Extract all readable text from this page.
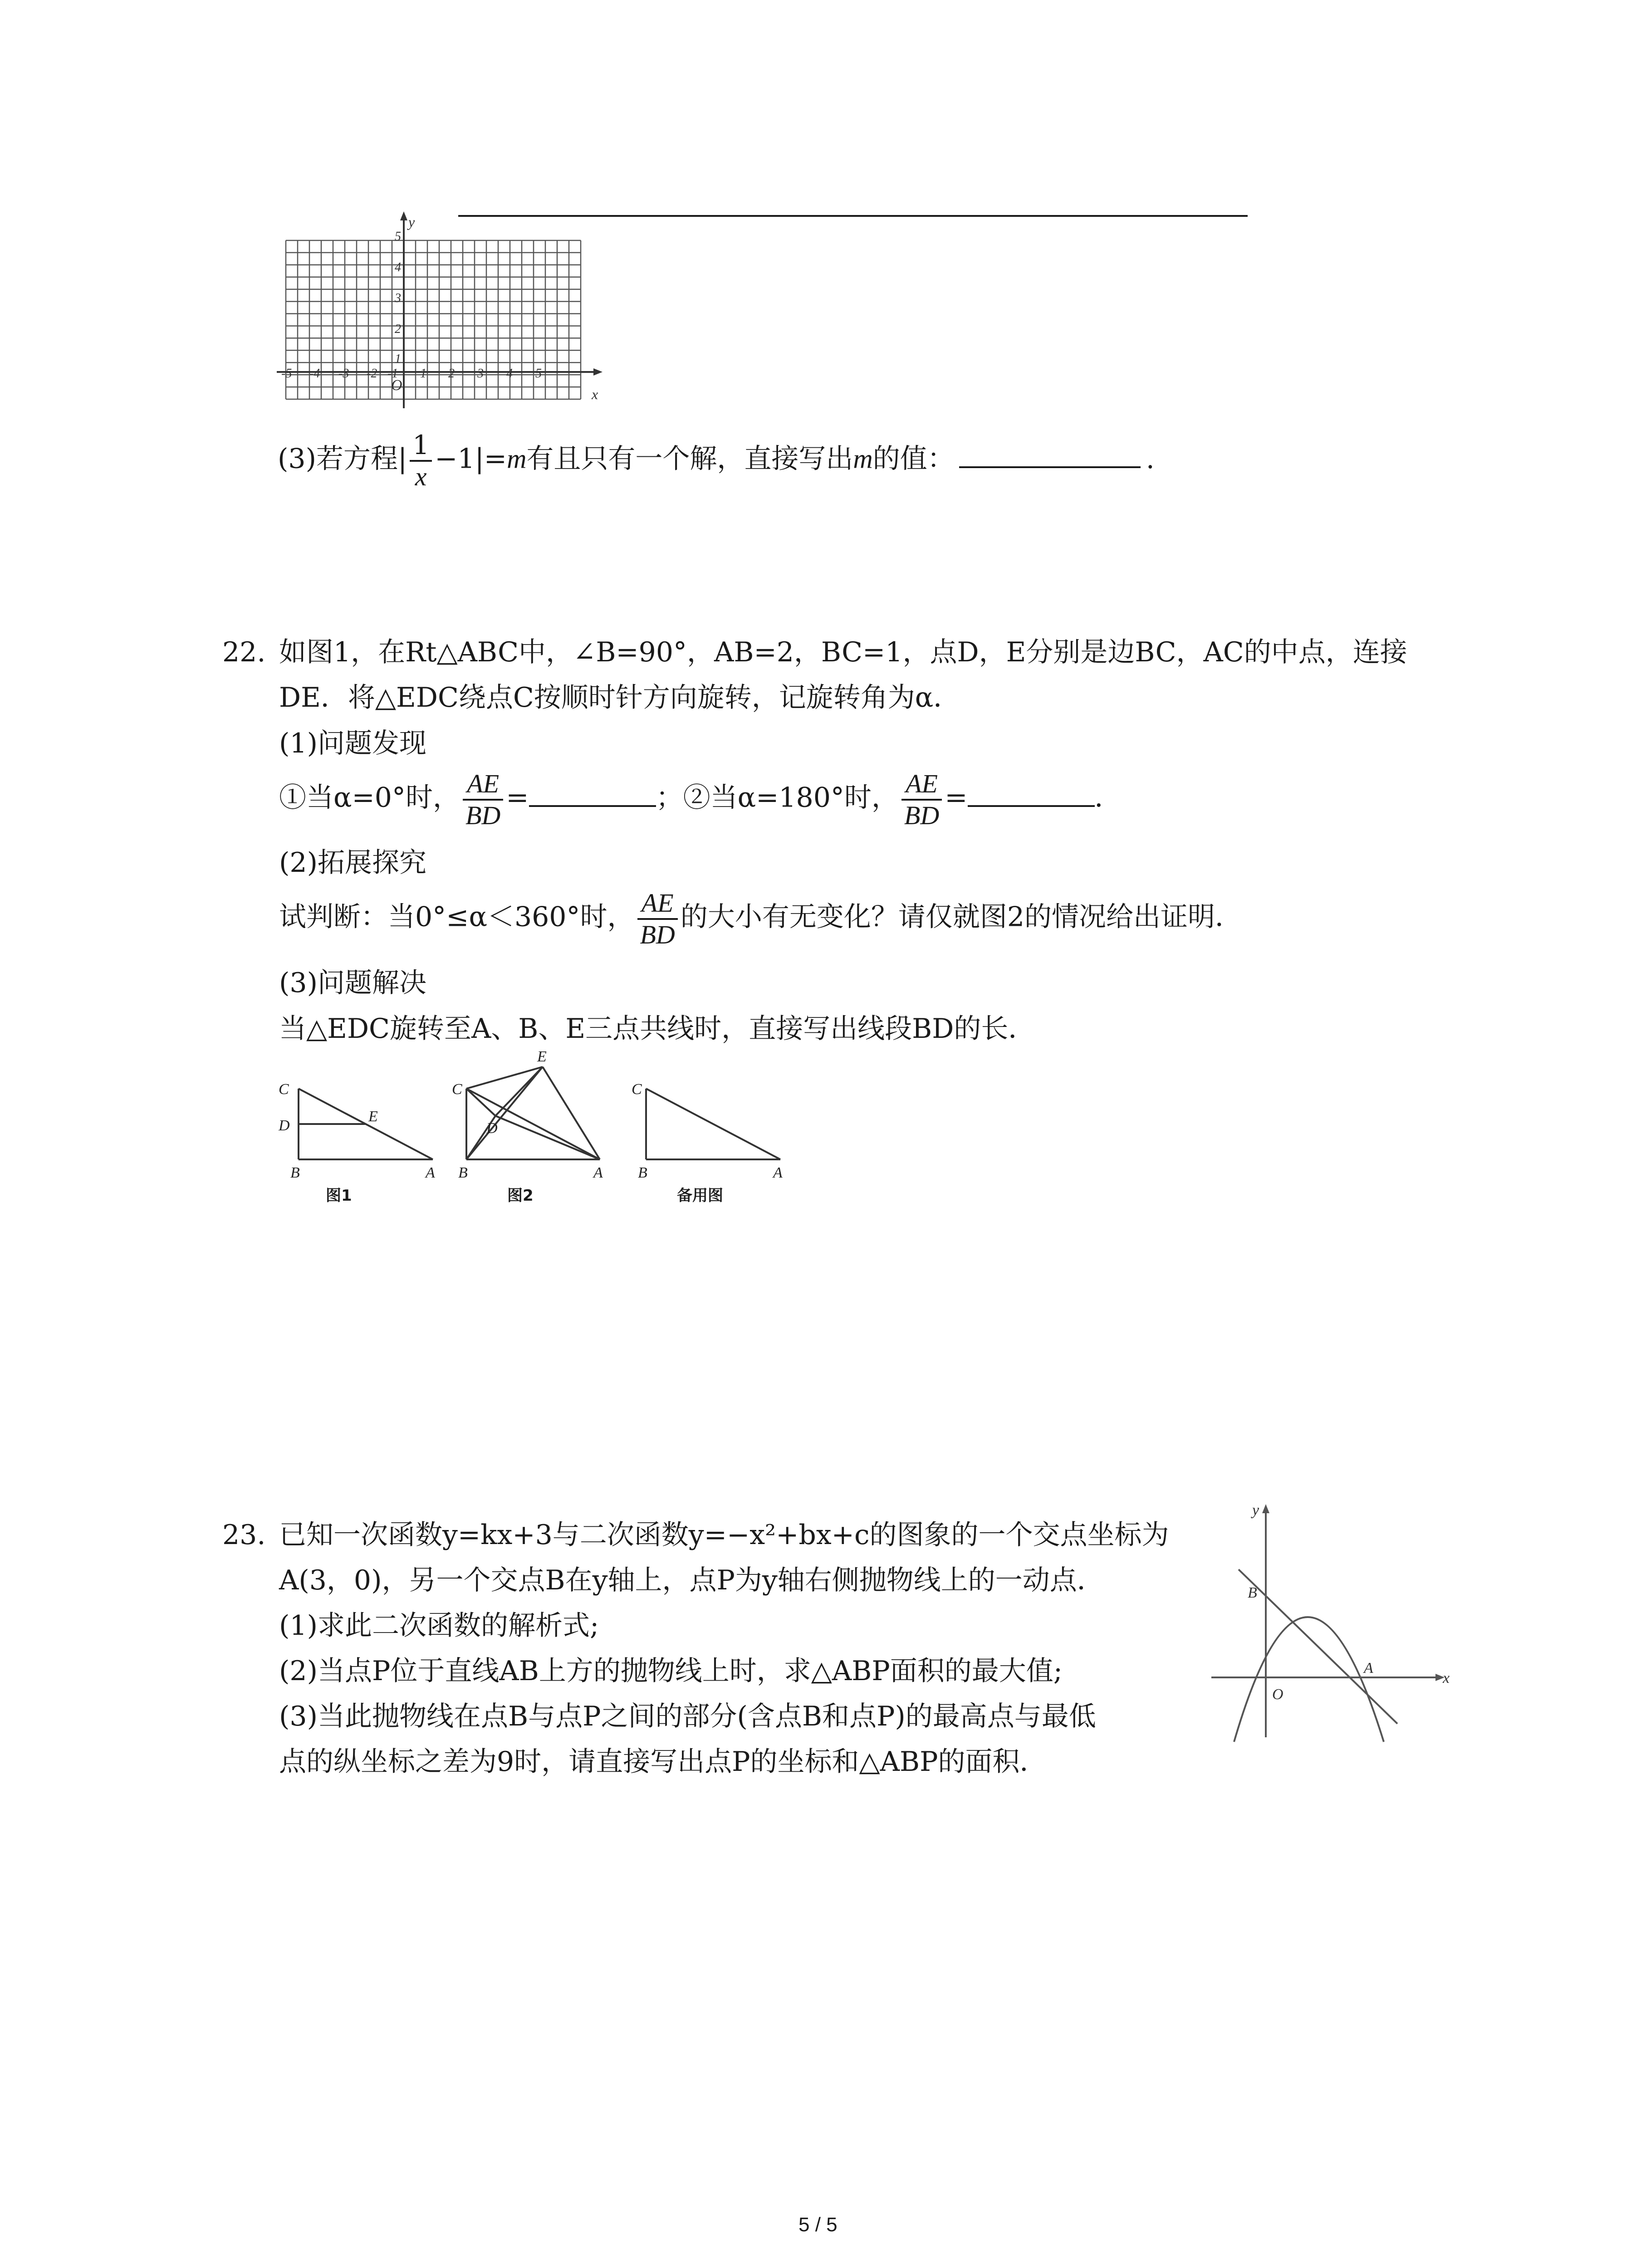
5
4
3
2
1
-5 -4 -3 -2 -1 1 2 3 4 5
x
y
O
(3)若方程| $\frac{1}{x} -1|=m$有且只有一个解，直接写出m的值：	.
22. 如图1，在Rt△ABC中，∠B=90°，AB=2，BC=1，点D，E分别是边BC，AC的中点，连接
DE．将△EDC绕点C按顺时针方向旋转，记旋转角为α．
(1)问题发现
①当α=0°时， $\frac{AE}{BD}$ =	；②当α=180°时， $\frac{AE}{BD}$ =	．
(2)拓展探究
试判断：当0°≤α＜360°时， $\frac{AE}{BD}$ 的大小有无变化？请仅就图2的情况给出证明．
(3)问题解决
当△EDC旋转至A、B、E三点共线时，直接写出线段BD的长．
C
D
E
B	A
C
E
D
B	A
C
B	A
图1	图2	备用图
23. 已知一次函数y=kx+3与二次函数y=−x²+bx+c的图象的一个交点坐标为
A(3，0)，另一个交点B在y轴上，点P为y轴右侧抛物线上的一动点．
(1)求此二次函数的解析式;
(2)当点P位于直线AB上方的抛物线上时，求△ABP面积的最大值;
(3)当此抛物线在点B与点P之间的部分(含点B和点P)的最高点与最低
点的纵坐标之差为9时，请直接写出点P的坐标和△ABP的面积．
x
y
O
A
B
5 / 5
